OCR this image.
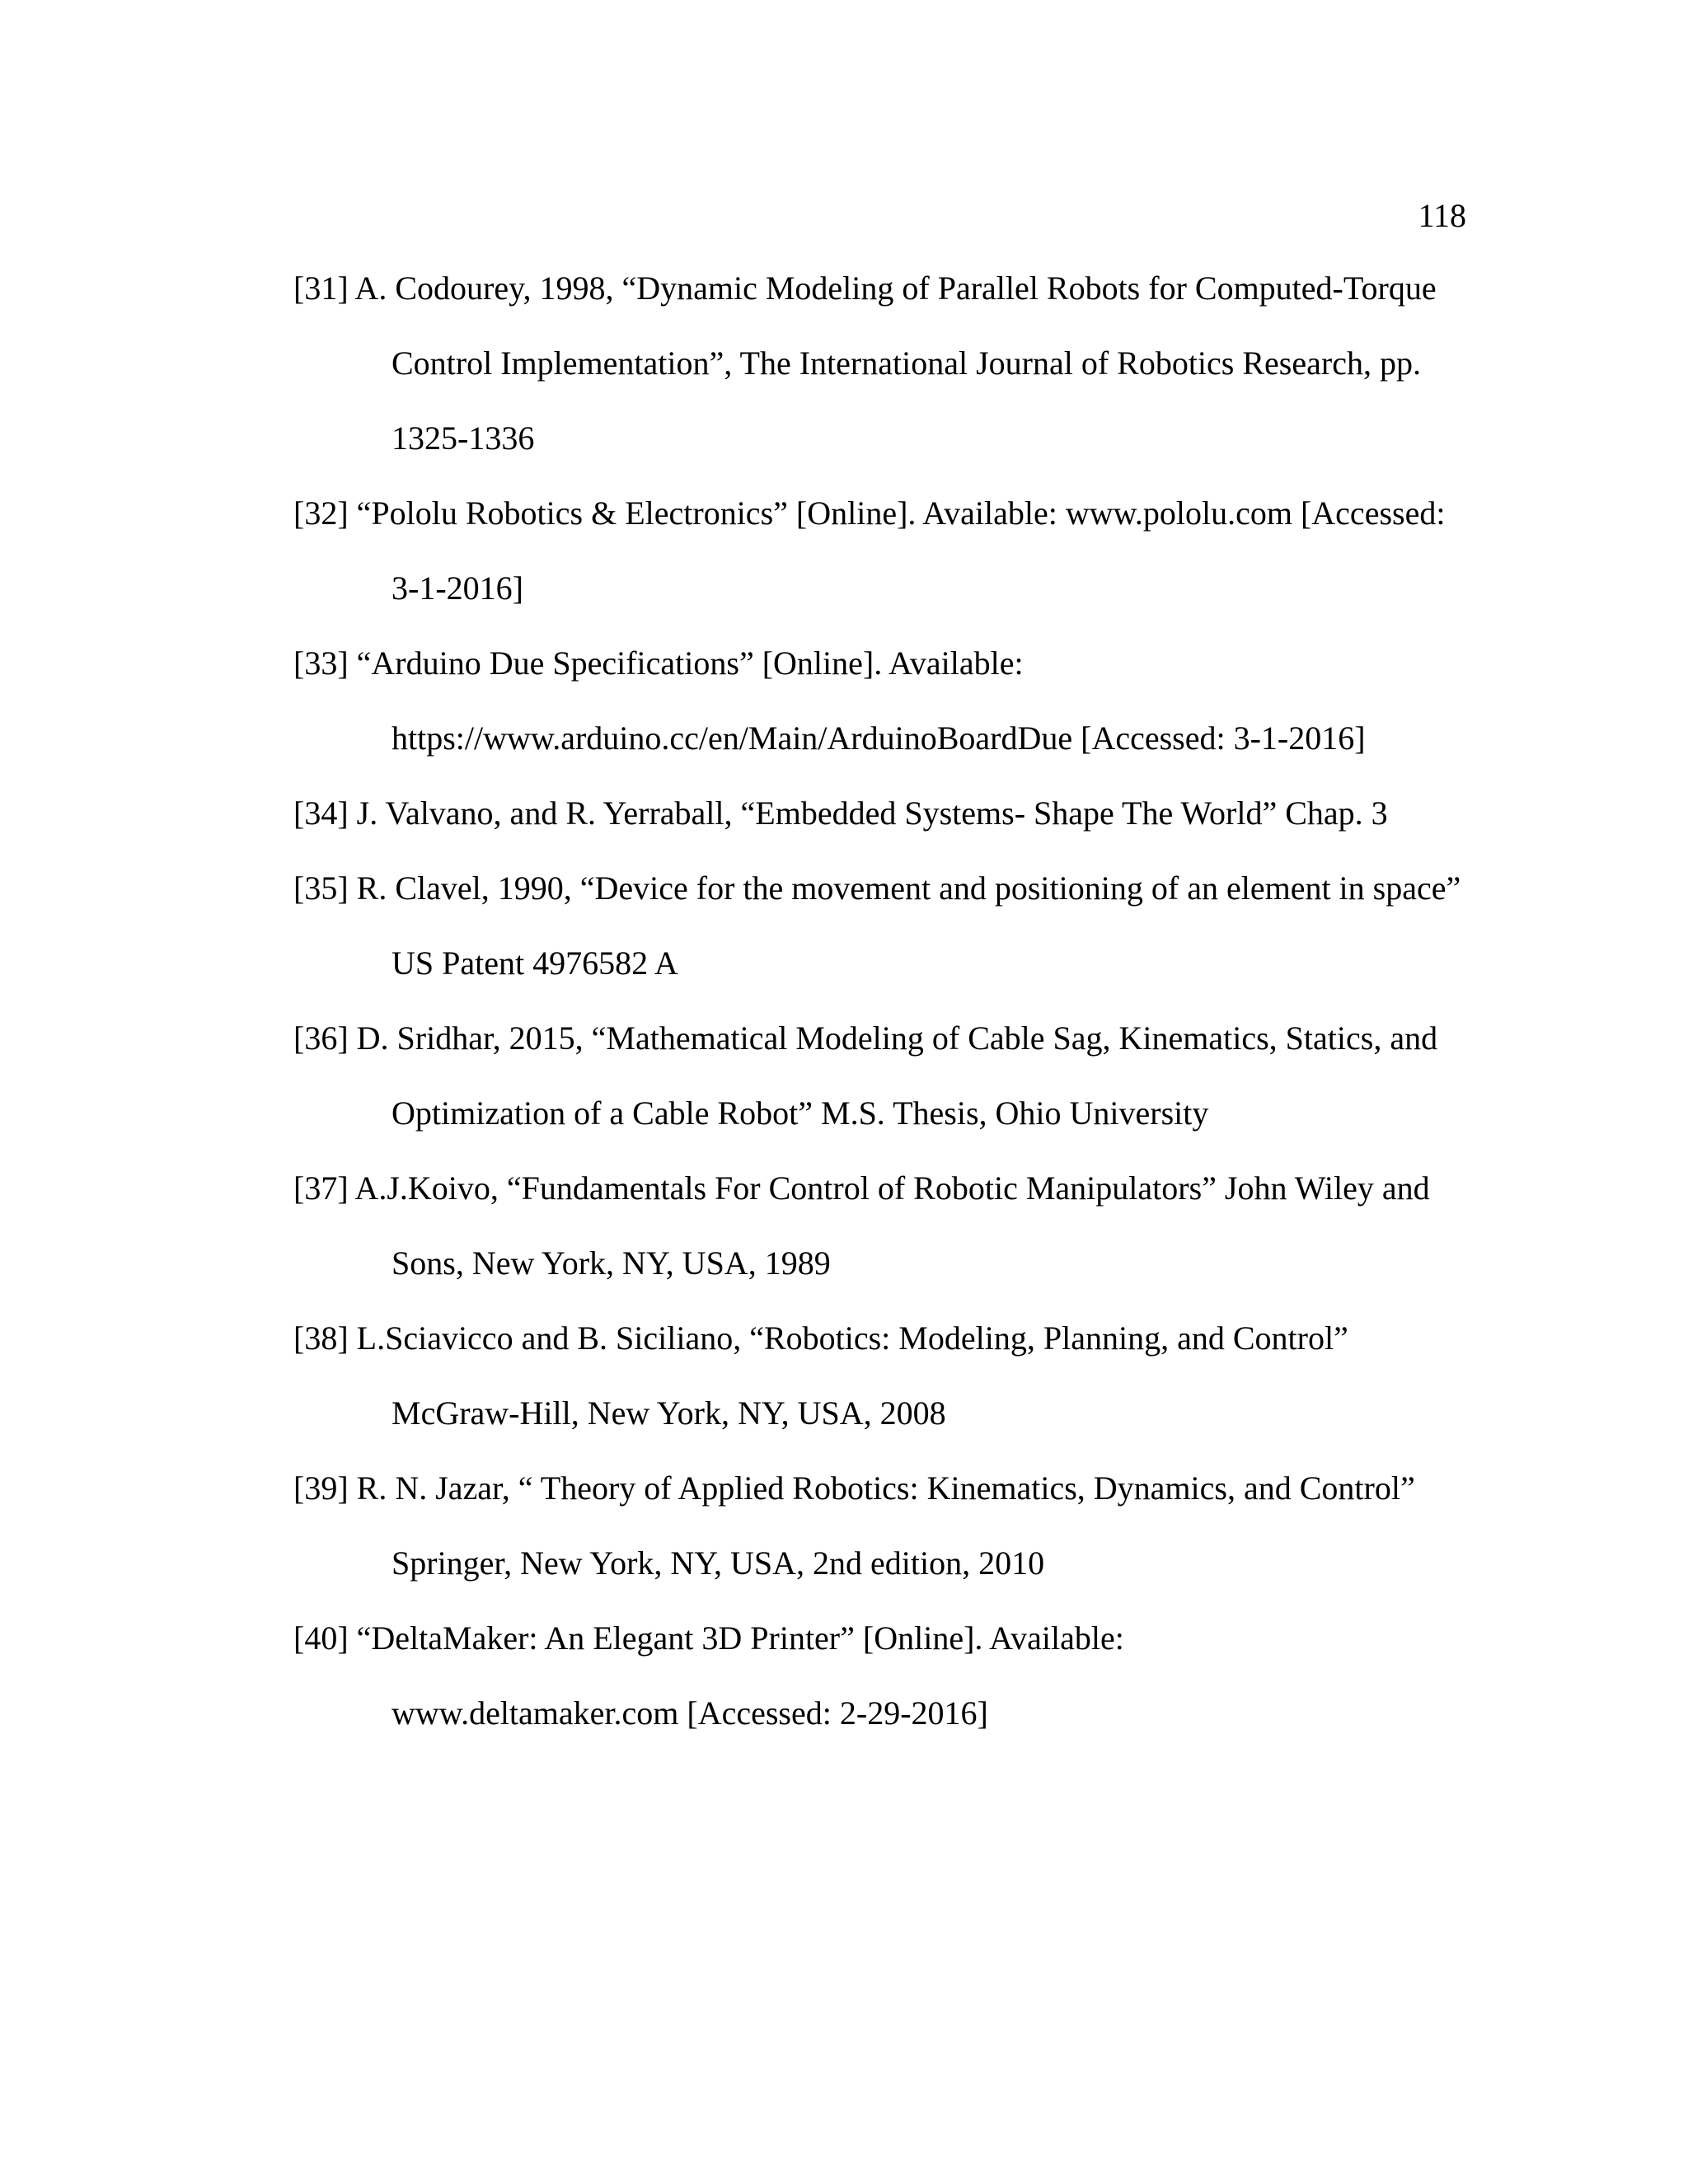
118
[31] A. Codourey, 1998, “Dynamic Modeling of Parallel Robots for Computed-Torque
Control Implementation”, The International Journal of Robotics Research, pp.
1325-1336
[32] “Pololu Robotics & Electronics” [Online]. Available: www.pololu.com [Accessed:
3-1-2016]
[33] “Arduino Due Specifications” [Online]. Available:
https://www.arduino.cc/en/Main/ArduinoBoardDue [Accessed: 3-1-2016]
[34] J. Valvano, and R. Yerraball, “Embedded Systems- Shape The World” Chap. 3
[35] R. Clavel, 1990, “Device for the movement and positioning of an element in space”
US Patent 4976582 A
[36] D. Sridhar, 2015, “Mathematical Modeling of Cable Sag, Kinematics, Statics, and
Optimization of a Cable Robot” M.S. Thesis, Ohio University
[37] A.J.Koivo, “Fundamentals For Control of Robotic Manipulators” John Wiley and
Sons, New York, NY, USA, 1989
[38] L.Sciavicco and B. Siciliano, “Robotics: Modeling, Planning, and Control”
McGraw-Hill, New York, NY, USA, 2008
[39] R. N. Jazar, “ Theory of Applied Robotics: Kinematics, Dynamics, and Control”
Springer, New York, NY, USA, 2nd edition, 2010
[40] “DeltaMaker: An Elegant 3D Printer” [Online]. Available:
www.deltamaker.com [Accessed: 2-29-2016]
